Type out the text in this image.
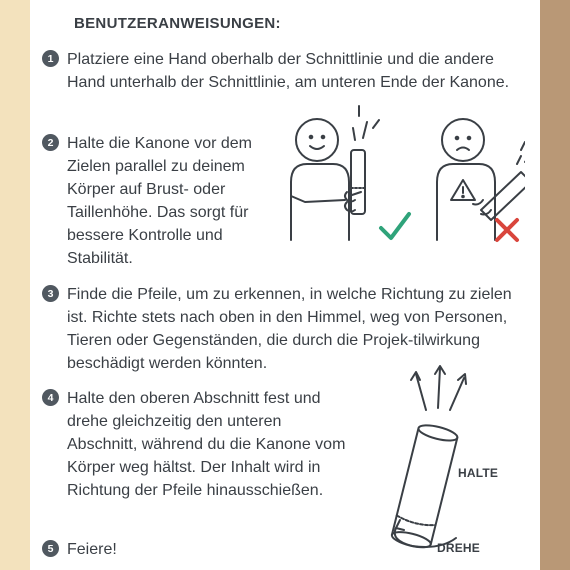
BENUTZERANWEISUNGEN:
1 Platziere eine Hand oberhalb der Schnittlinie und die andere Hand unterhalb der Schnittlinie, am unteren Ende der Kanone.
2 Halte die Kanone vor dem Zielen parallel zu deinem Körper auf Brust- oder Taillenhöhe. Das sorgt für bessere Kontrolle und Stabilität.
3 Finde die Pfeile, um zu erkennen, in welche Richtung zu zielen ist. Richte stets nach oben in den Himmel, weg von Personen, Tieren oder Gegenständen, die durch die Projek-tilwirkung beschädigt werden könnten.
4 Halte den oberen Abschnitt fest und drehe gleichzeitig den unteren Abschnitt, während du die Kanone vom Körper weg hältst. Der Inhalt wird in Richtung der Pfeile hinausschießen.
HALTE
DREHE
5 Feiere!
